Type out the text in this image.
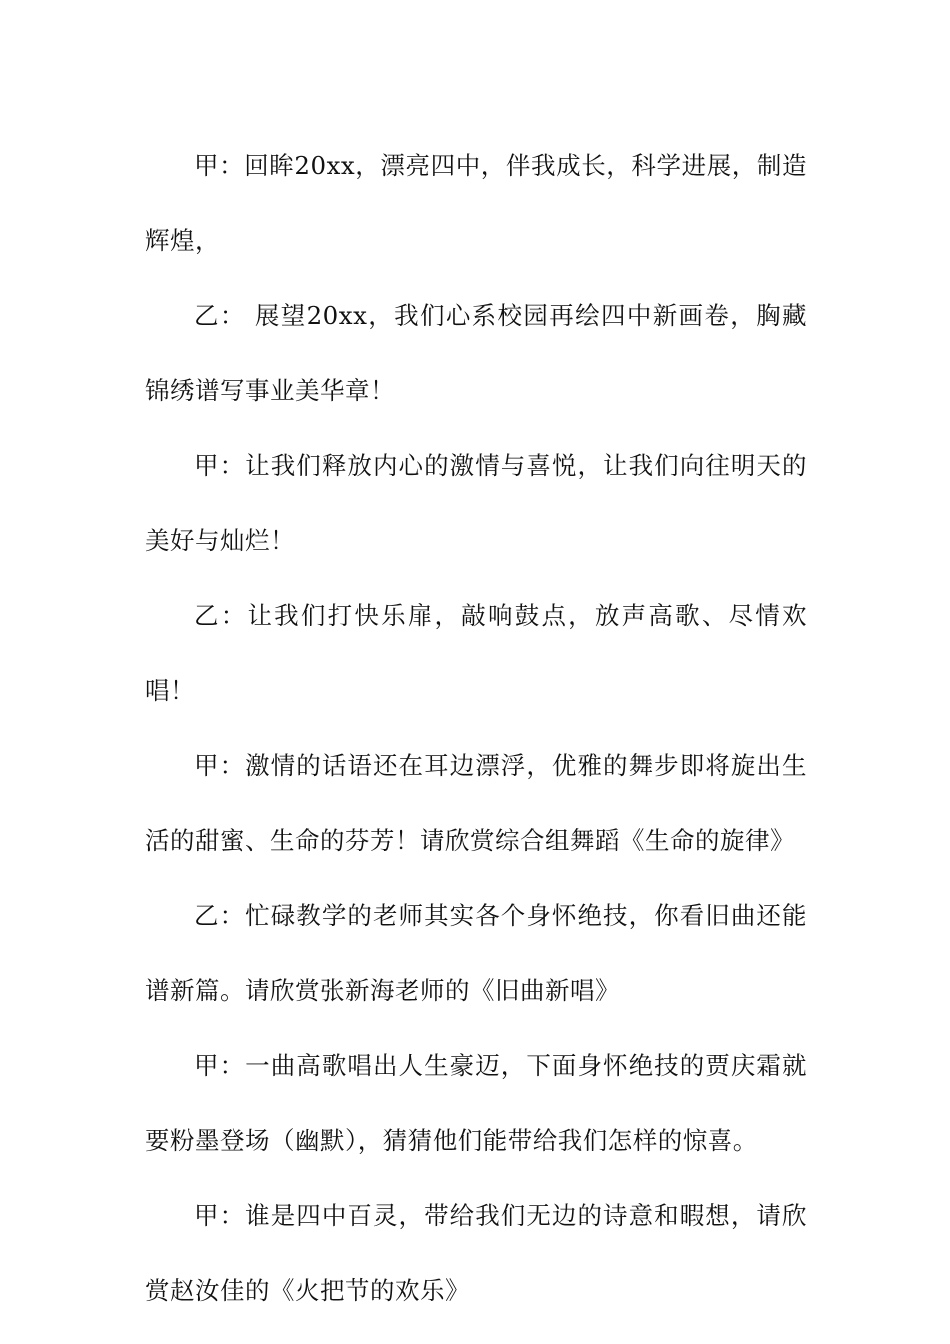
甲：回眸20xx，漂亮四中，伴我成长，科学进展，制造辉煌，

乙： 展望20xx，我们心系校园再绘四中新画卷，胸藏锦绣谱写事业美华章！

甲：让我们释放内心的激情与喜悦，让我们向往明天的美好与灿烂！

乙：让我们打快乐扉，敲响鼓点，放声高歌、尽情欢唱！

甲：激情的话语还在耳边漂浮，优雅的舞步即将旋出生活的甜蜜、生命的芬芳！请欣赏综合组舞蹈《生命的旋律》

乙：忙碌教学的老师其实各个身怀绝技，你看旧曲还能谱新篇。请欣赏张新海老师的《旧曲新唱》

甲：一曲高歌唱出人生豪迈，下面身怀绝技的贾庆霜就要粉墨登场（幽默），猜猜他们能带给我们怎样的惊喜。

甲：谁是四中百灵，带给我们无边的诗意和暇想，请欣赏赵汝佳的《火把节的欢乐》
